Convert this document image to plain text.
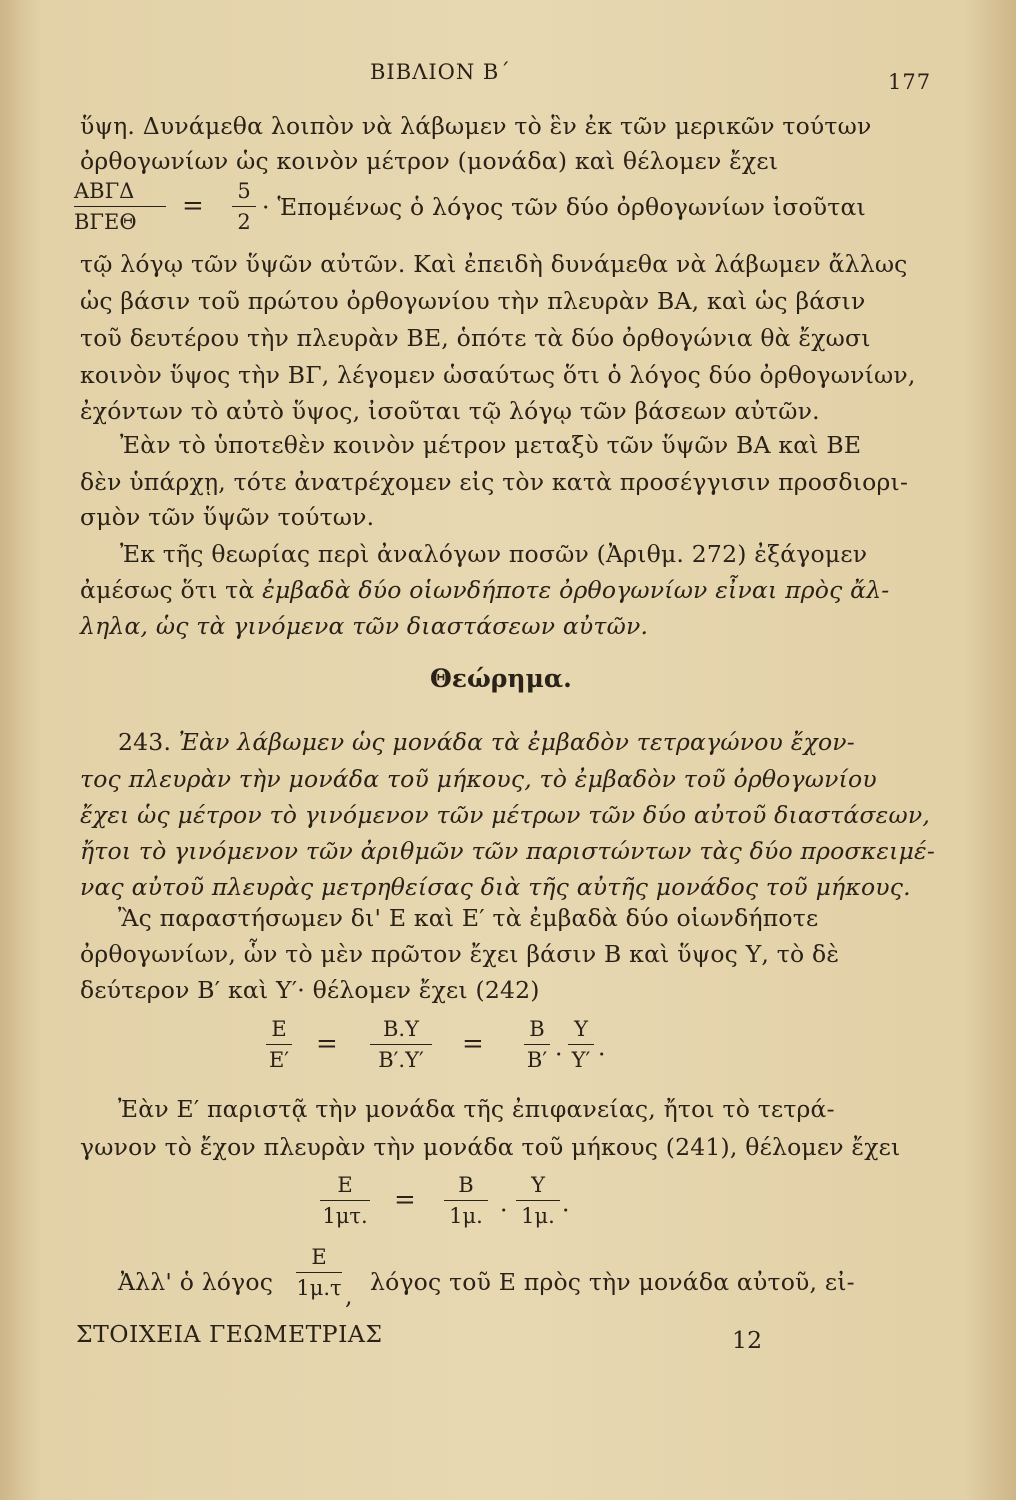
ΒΙΒΛΙΟΝ Β΄	177
ὕψη. Δυνάμεθα λοιπὸν νὰ λάβωμεν τὸ ἓν ἐκ τῶν μερικῶν τούτων
ὀρθογωνίων ὡς κοινὸν μέτρον (μονάδα) καὶ θέλομεν ἔχει
ΑΒΓΔ
ΒΓΕΘ
= 5
2
· Ἑπομένως ὁ λόγος τῶν δύο ὀρθογωνίων ἰσοῦται
τῷ λόγῳ τῶν ὕψῶν αὐτῶν. Καὶ ἐπειδὴ δυνάμεθα νὰ λάβωμεν ἄλλως
ὡς βάσιν τοῦ πρώτου ὀρθογωνίου τὴν πλευρὰν ΒΑ, καὶ ὡς βάσιν
τοῦ δευτέρου τὴν πλευρὰν ΒΕ, ὁπότε τὰ δύο ὀρθογώνια θὰ ἔχωσι
κοινὸν ὕψος τὴν ΒΓ, λέγομεν ὡσαύτως ὅτι ὁ λόγος δύο ὀρθογωνίων,
ἐχόντων τὸ αὐτὸ ὕψος, ἰσοῦται τῷ λόγῳ τῶν βάσεων αὐτῶν.
Ἐὰν τὸ ὑποτεθὲν κοινὸν μέτρον μεταξὺ τῶν ὕψῶν ΒΑ καὶ ΒΕ
δὲν ὑπάρχῃ, τότε ἀνατρέχομεν εἰς τὸν κατὰ προσέγγισιν προσδιορι-
σμὸν τῶν ὕψῶν τούτων.
Ἐκ τῆς θεωρίας περὶ ἀναλόγων ποσῶν (Ἀριθμ. 272) ἐξάγομεν
ἀμέσως ὅτι τὰ ἐμβαδὰ δύο οἱωνδήποτε ὀρθογωνίων εἶναι πρὸς ἄλ-
ληλα, ὡς τὰ γινόμενα τῶν διαστάσεων αὐτῶν.
Θεώρημα.
243. Ἐὰν λάβωμεν ὡς μονάδα τὰ ἐμβαδὸν τετραγώνου ἔχον-
τος πλευρὰν τὴν μονάδα τοῦ μήκους, τὸ ἐμβαδὸν τοῦ ὀρθογωνίου
ἔχει ὡς μέτρον τὸ γινόμενον τῶν μέτρων τῶν δύο αὐτοῦ διαστάσεων,
ἤτοι τὸ γινόμενον τῶν ἀριθμῶν τῶν παριστώντων τὰς δύο προσκειμέ-
νας αὐτοῦ πλευρὰς μετρηθείσας διὰ τῆς αὐτῆς μονάδος τοῦ μήκους.
Ἂς παραστήσωμεν δι' Ε καὶ Ε′ τὰ ἐμβαδὰ δύο οἱωνδήποτε
ὀρθογωνίων, ὧν τὸ μὲν πρῶτον ἔχει βάσιν Β καὶ ὕψος Υ, τὸ δὲ
δεύτερον Β′ καὶ Υ′· θέλομεν ἔχει (242)
Ε
Ε′
=	Β.Υ
Β′.Υ′
= Β
Β′ ·
Υ
Υ′ ·
Ἐὰν Ε′ παριστᾷ τὴν μονάδα τῆς ἐπιφανείας, ἤτοι τὸ τετρά-
γωνον τὸ ἔχον πλευρὰν τὴν μονάδα τοῦ μήκους (241), θέλομεν ἔχει
Ε
1μτ.
=	Β
1μ. ·
Υ
1μ. ·
Ἀλλ' ὁ λόγος
Ε
1μ.τ , λόγος τοῦ Ε πρὸς τὴν μονάδα αὐτοῦ, εἰ-
ΣΤΟΙΧΕΙΑ ΓΕΩΜΕΤΡΙΑΣ	12
